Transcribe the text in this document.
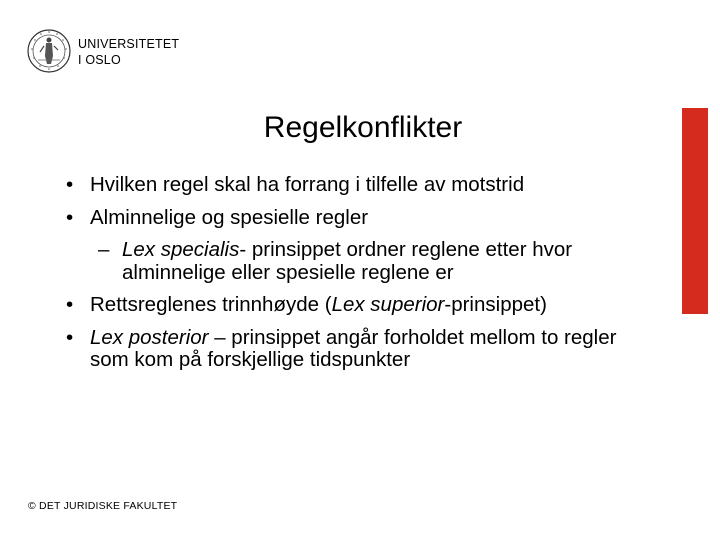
UNIVERSITETET
I OSLO
Regelkonflikter
• Hvilken regel skal ha forrang i tilfelle av motstrid
• Alminnelige og spesielle regler
– Lex specialis- prinsippet ordner reglene etter hvor alminnelige eller spesielle reglene er
• Rettsreglenes trinnhøyde (Lex superior-prinsippet)
• Lex posterior – prinsippet angår forholdet mellom to regler som kom på forskjellige tidspunkter
© DET JURIDISKE FAKULTET
